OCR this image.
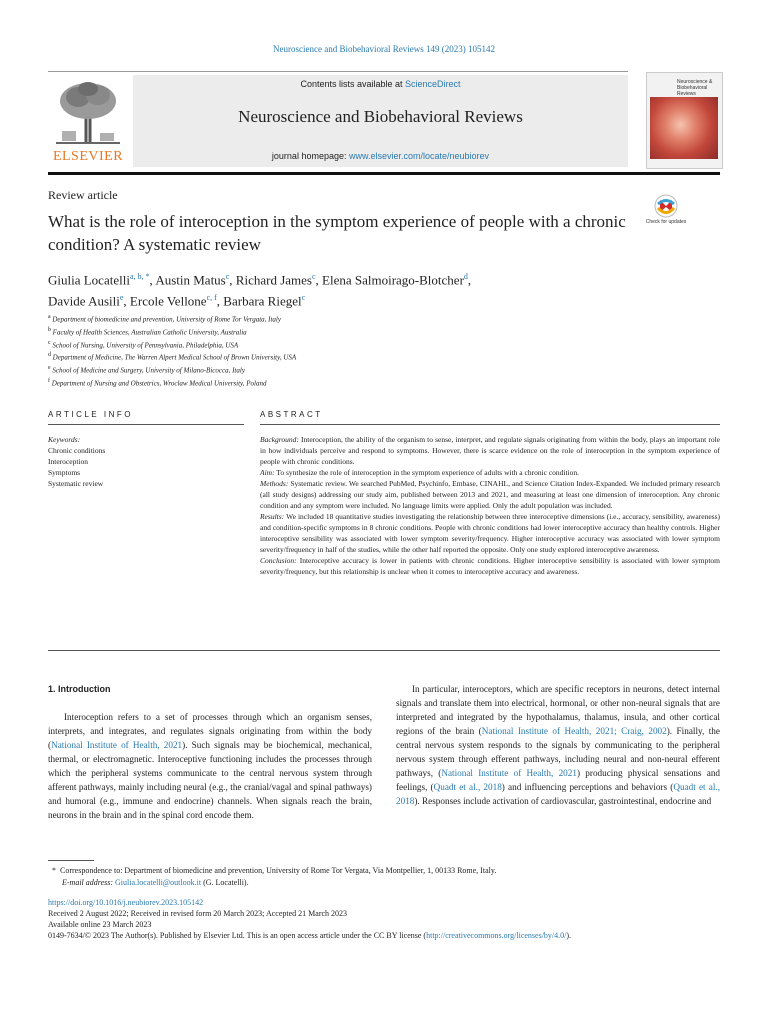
Neuroscience and Biobehavioral Reviews 149 (2023) 105142
ELSEVIER
Contents lists available at ScienceDirect
Neuroscience and Biobehavioral Reviews
journal homepage: www.elsevier.com/locate/neubiorev
Neuroscience & Biobehavioral Reviews
Review article
What is the role of interoception in the symptom experience of people with a chronic condition? A systematic review
Check for updates
Giulia Locatelli$^{a, b, *}$, Austin Matus$^c$, Richard James$^c$, Elena Salmoirago-Blotcher$^d$,
Davide Ausili$^e$, Ercole Vellone$^{c, f}$, Barbara Riegel$^c$
$^a$ Department of biomedicine and prevention, University of Rome Tor Vergata, Italy
$^b$ Faculty of Health Sciences, Australian Catholic University, Australia
$^c$ School of Nursing, University of Pennsylvania, Philadelphia, USA
$^d$ Department of Medicine, The Warren Alpert Medical School of Brown University, USA
$^e$ School of Medicine and Surgery, University of Milano-Bicocca, Italy
$^f$ Department of Nursing and Obstetrics, Wroclaw Medical University, Poland
ARTICLE INFO	ABSTRACT
Keywords:
Chronic conditions
Interoception
Symptoms
Systematic review

Background: Interoception, the ability of the organism to sense, interpret, and regulate signals originating from within the body, plays an important role in how individuals perceive and respond to symptoms. However, there is scarce evidence on the role of interoception in the symptom experience of people with chronic conditions.

Aim: To synthesize the role of interoception in the symptom experience of adults with a chronic condition.

Methods: Systematic review. We searched PubMed, Psychinfo, Embase, CINAHL, and Science Citation Index-Expanded. We included primary research (all study designs) addressing our study aim, published between 2013 and 2021, and measuring at least one dimension of interoception. Any chronic condition and any symptom were included. No language limits were applied. Only the adult population was included.

Results: We included 18 quantitative studies investigating the relationship between three interoceptive dimensions (i.e., accuracy, sensibility, awareness) and condition-specific symptoms in 8 chronic conditions. People with chronic conditions had lower interoceptive accuracy than healthy controls. Higher interoceptive sensibility was associated with lower symptom severity/frequency. Higher interoceptive accuracy was associated with lower symptom severity/frequency in half of the studies, while the other half reported the opposite. Only one study explored interoceptive awareness.

Conclusion: Interoceptive accuracy is lower in patients with chronic conditions. Higher interoceptive sensibility is associated with lower symptom severity/frequency, but this relationship is unclear when it comes to interoceptive accuracy and awareness.

1. Introduction

Interoception refers to a set of processes through which an organism senses, interprets, and integrates, and regulates signals originating from within the body (National Institute of Health, 2021). Such signals may be biochemical, mechanical, thermal, or electromagnetic. Interoceptive functioning includes the processes through which the peripheral systems communicate to the central nervous system through afferent pathways, mainly including neural (e.g., the cranial/vagal and spinal pathways) and humoral (e.g., immune and endocrine) channels. When signals reach the brain, neurons in the brain and in the spinal cord encode them.

In particular, interoceptors, which are specific receptors in neurons, detect internal signals and translate them into electrical, hormonal, or other non-neural signals that are interpreted and integrated by the hypothalamus, thalamus, insula, and other cortical regions of the brain (National Institute of Health, 2021; Craig, 2002). Finally, the central nervous system responds to the signals by communicating to the peripheral nervous system through efferent pathways, including neural and non-neural efferent pathways, (National Institute of Health, 2021) producing physical sensations and feelings, (Quadt et al., 2018) and influencing perceptions and behaviors (Quadt et al., 2018). Responses include activation of cardiovascular, gastrointestinal, endocrine and

* Correspondence to: Department of biomedicine and prevention, University of Rome Tor Vergata, Via Montpellier, 1, 00133 Rome, Italy.
E-mail address: Giulia.locatelli@outlook.it (G. Locatelli).
https://doi.org/10.1016/j.neubiorev.2023.105142
Received 2 August 2022; Received in revised form 20 March 2023; Accepted 21 March 2023
Available online 23 March 2023
0149-7634/© 2023 The Author(s). Published by Elsevier Ltd. This is an open access article under the CC BY license (http://creativecommons.org/licenses/by/4.0/).
